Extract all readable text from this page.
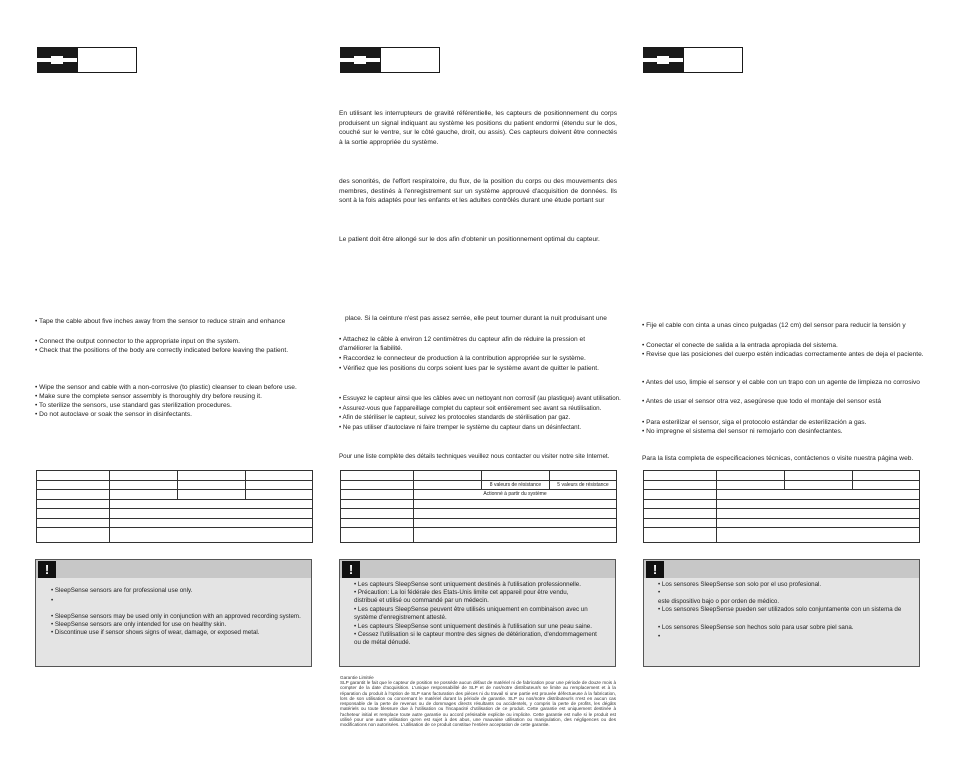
• Tape the cable about five inches away from the sensor to reduce strain and enhance
• Connect the output connector to the appropriate input on the system.
• Check that the positions of the body are correctly indicated before leaving the patient.
• Wipe the sensor and cable with a non-corrosive (to plastic) cleanser to clean before use.
• Make sure the complete sensor assembly is thoroughly dry before reusing it.
• To sterilize the sensors, use standard gas sterilization procedures.
• Do not autoclave or soak the sensor in disinfectants.

!
• SleepSense sensors are for professional use only.
•
• SleepSense sensors may be used only in conjunction with an approved recording system.
• SleepSense sensors are only intended for use on healthy skin.
• Discontinue use if sensor shows signs of wear, damage, or exposed metal.
En utilisant les interrupteurs de gravité référentielle, les capteurs de positionnement du corps produisent un signal indiquant au système les positions du patient endormi (étendu sur le dos, couché sur le ventre, sur le côté gauche, droit, ou assis). Ces capteurs doivent être connectés à la sortie appropriée du système.
des sonorités, de l'effort respiratoire, du flux, de la position du corps ou des mouvements des membres, destinés à l'enregistrement sur un système approuvé d'acquisition de données. Ils sont à la fois adaptés pour les enfants et les adultes contrôlés durant une étude portant sur
Le patient doit être allongé sur le dos afin d'obtenir un positionnement optimal du capteur.
place. Si la ceinture n'est pas assez serrée, elle peut tourner durant la nuit produisant une
• Attachez le câble à environ 12 centimètres du capteur afin de réduire la pression et
d'améliorer la fiabilité.
• Raccordez le connecteur de production à la contribution appropriée sur le système.
• Vérifiez que les positions du corps soient lues par le système avant de quitter le patient.
• Essuyez le capteur ainsi que les câbles avec un nettoyant non corrosif (au plastique) avant utilisation.
• Assurez-vous que l'appareillage complet du capteur soit entièrement sec avant sa réutilisation.
• Afin de stériliser le capteur, suivez les protocoles standards de stérilisation par gaz.
• Ne pas utiliser d'autoclave ni faire tremper le système du capteur dans un désinfectant.
Pour une liste complète des détails techniques veuillez nous contacter ou visiter notre site Internet.

		8 valeurs de résistance	5 valeurs de résistance
	Actionné à partir du système		

!
• Les capteurs SleepSense sont uniquement destinés à l'utilisation professionnelle.
• Précaution: La loi fédérale des Etats-Unis limite cet appareil pour être vendu,
distribué et utilisé ou commandé par un médecin.
• Les capteurs SleepSense peuvent être utilisés uniquement en combinaison avec un
système d'enregistrement attesté.
• Les capteurs SleepSense sont uniquement destinés à l'utilisation sur une peau saine.
• Cessez l'utilisation si le capteur montre des signes de détérioration, d'endommagement
ou de métal dénudé.
Garantie Limitée
SLP garantit le fait que le capteur de position ne possède aucun défaut de matériel ni de fabrication pour une période de douze mois à compter de la date d'acquisition. L'unique responsabilité de SLP et de nos/notre distributeur/s se limite au remplacement et à la réparation du produit à l'option de SLP sans facturation des pièces ni du travail si une partie est prouvée défectueuse à la fabrication, lors de son utilisation ou concernant le matériel durant la période de garantie. SLP ou nos/notre distributeur/s n'est en aucun cas responsable de la perte de revenus ou de dommages directs résultants ou accidentels, y compris la perte de profits, les dégâts matériels ou toute blessure due à l'utilisation ou l'incapacité d'utilisation de ce produit. Cette garantie est uniquement destinée à l'acheteur initial et remplace toute autre garantie ou accord présisable explicite ou implicite. Cette garantie est nulle si le produit est utilisé pour une autre utilisation qu'en est sujet à des abus, une mauvaise utilisation ou manipulation, des négligences ou des modifications non autorisées. L'utilisation de ce produit constitue l'entière acceptation de cette garantie.
• Fije el cable con cinta a unas cinco pulgadas (12 cm) del sensor para reducir la tensión y
• Conectar el conecte de salida a la entrada apropiada del sistema.
• Revise que las posiciones del cuerpo estén indicadas correctamente antes de deja el paciente.
• Antes del uso, limpie el sensor y el cable con un trapo con un agente de limpieza no corrosivo
• Antes de usar el sensor otra vez, asegúrese que todo el montaje del sensor está
• Para esterilizar el sensor, siga el protocolo estándar de esterilización a gas.
• No impregne el sistema del sensor ni remojarlo con desinfectantes.
Para la lista completa de especificaciones técnicas, contáctenos o visite nuestra página web.

!
• Los sensores SleepSense son solo por el uso profesional.
•
este dispositivo bajo o por orden de médico.
• Los sensores SleepSense pueden ser utilizados solo conjuntamente con un sistema de
• Los sensores SleepSense son hechos solo para usar sobre piel sana.
•
